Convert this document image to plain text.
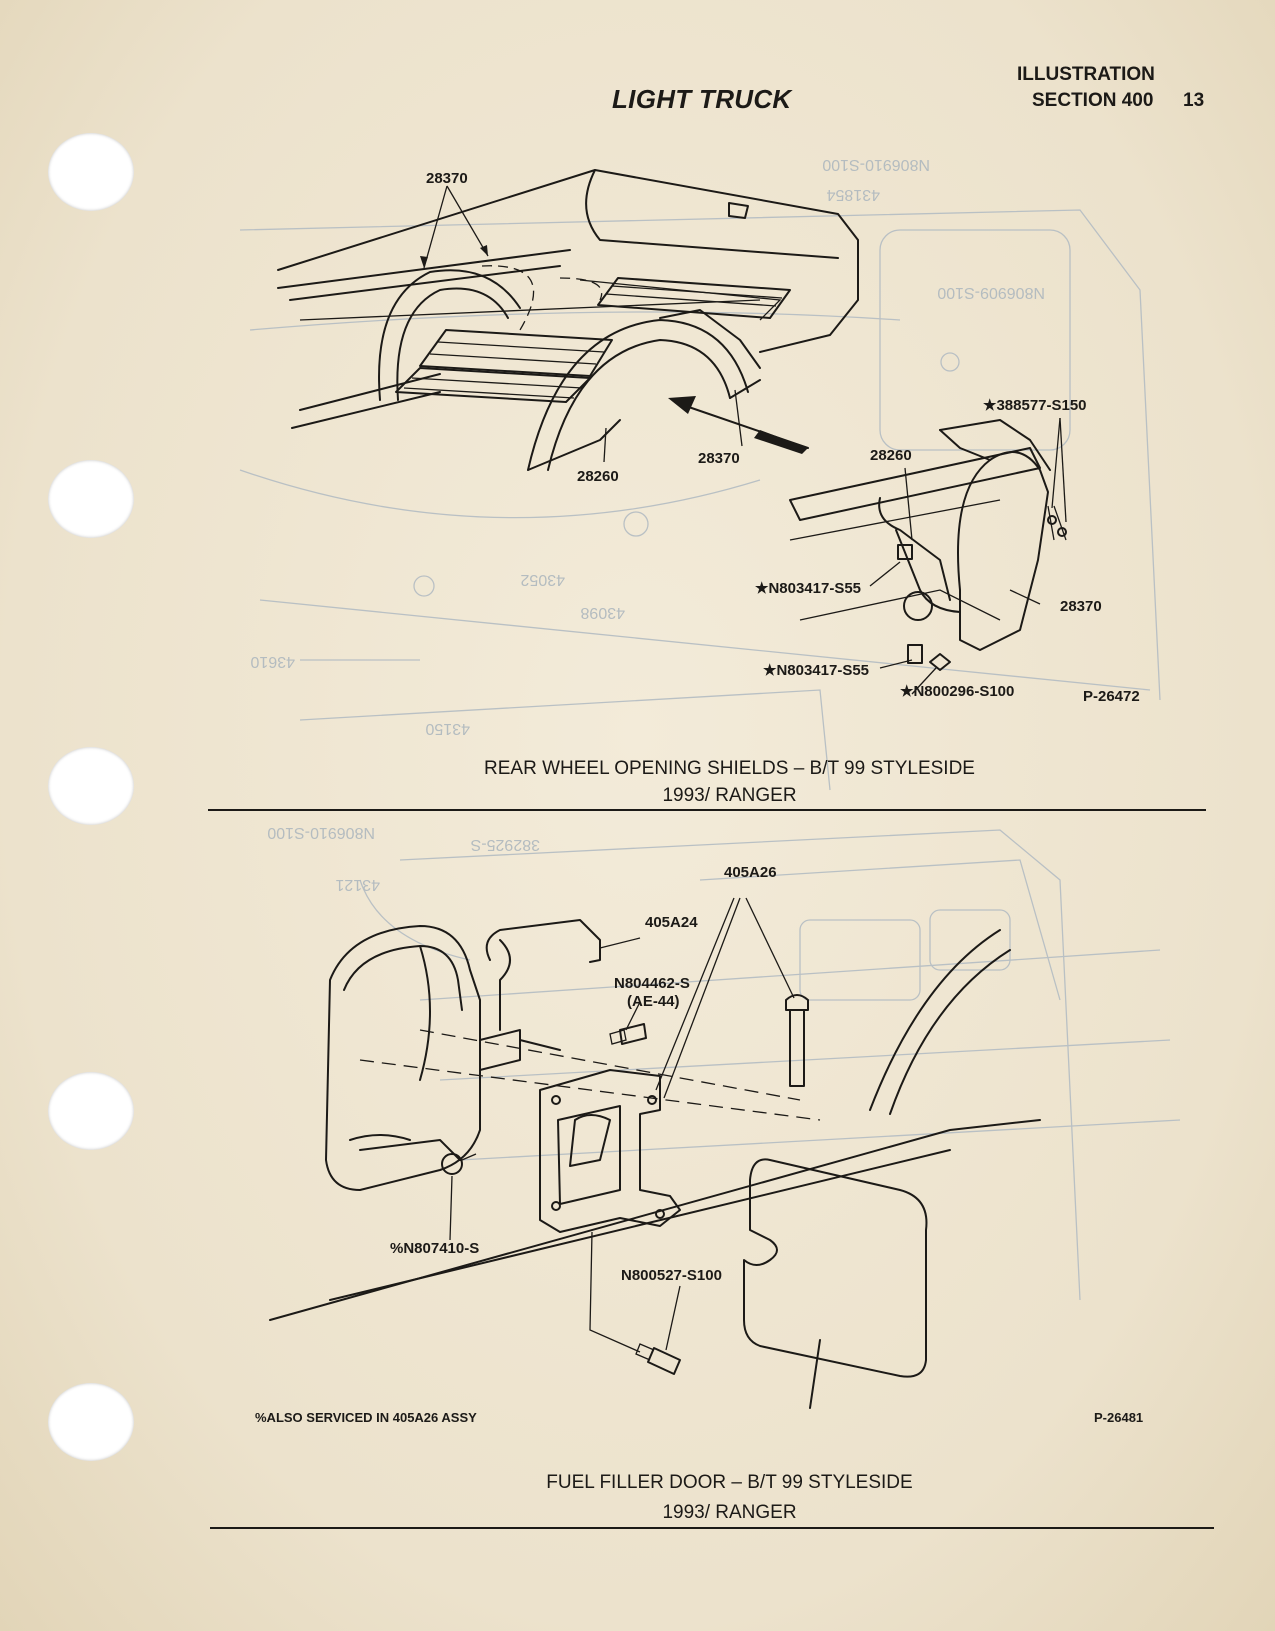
LIGHT TRUCK
ILLUSTRATION
SECTION 400 13
N806910-S100
431854
N806909-S100
43052
43098
43610
43150
28370
28370
28260
★388577-S150
28260
★N803417-S55
28370
★N803417-S55
★N800296-S100	P-26472
REAR WHEEL OPENING SHIELDS – B/T 99 STYLESIDE
1993/ RANGER
N806910-S100
382925-S
43121
405A26
405A24
N804462-S
(AE-44)
%N807410-S
N800527-S100
%ALSO SERVICED IN 405A26 ASSY	P-26481
FUEL FILLER DOOR – B/T 99 STYLESIDE
1993/ RANGER
